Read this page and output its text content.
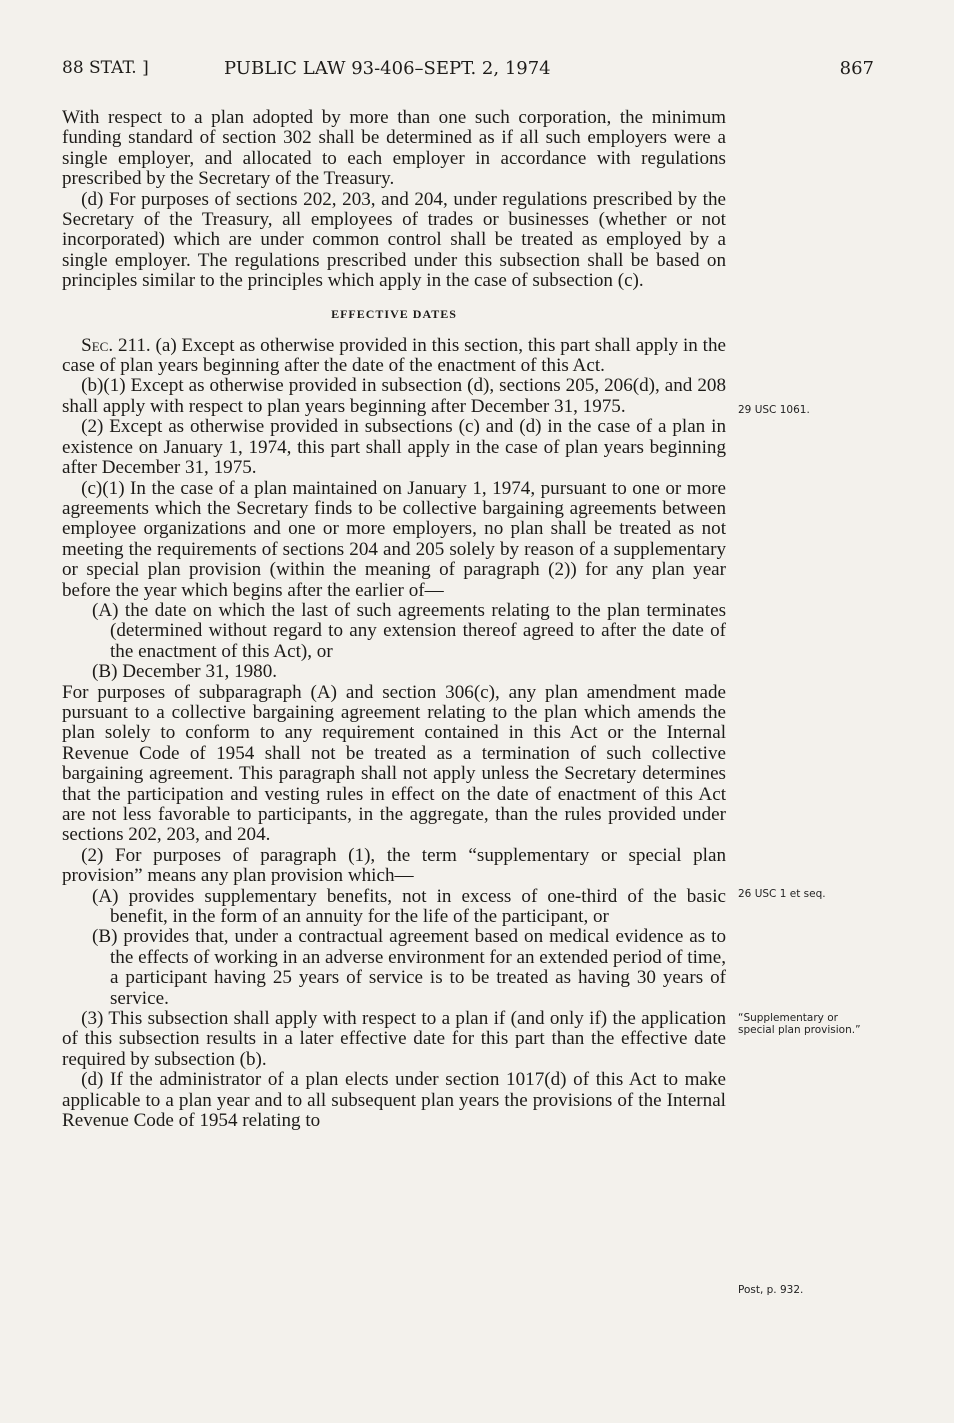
88 STAT. ]	PUBLIC LAW 93-406–SEPT. 2, 1974	867

With respect to a plan adopted by more than one such corporation, the minimum funding standard of section 302 shall be determined as if all such employers were a single employer, and allocated to each employer in accordance with regulations prescribed by the Secretary of the Treasury.

(d) For purposes of sections 202, 203, and 204, under regulations prescribed by the Secretary of the Treasury, all employees of trades or businesses (whether or not incorporated) which are under common control shall be treated as employed by a single employer. The regulations prescribed under this subsection shall be based on principles similar to the principles which apply in the case of subsection (c).

EFFECTIVE DATES

Sec. 211. (a) Except as otherwise provided in this section, this part shall apply in the case of plan years beginning after the date of the enactment of this Act.

(b)(1) Except as otherwise provided in subsection (d), sections 205, 206(d), and 208 shall apply with respect to plan years beginning after December 31, 1975.

(2) Except as otherwise provided in subsections (c) and (d) in the case of a plan in existence on January 1, 1974, this part shall apply in the case of plan years beginning after December 31, 1975.

(c)(1) In the case of a plan maintained on January 1, 1974, pursuant to one or more agreements which the Secretary finds to be collective bargaining agreements between employee organizations and one or more employers, no plan shall be treated as not meeting the requirements of sections 204 and 205 solely by reason of a supplementary or special plan provision (within the meaning of paragraph (2)) for any plan year before the year which begins after the earlier of—

(A) the date on which the last of such agreements relating to the plan terminates (determined without regard to any extension thereof agreed to after the date of the enactment of this Act), or

(B) December 31, 1980.

For purposes of subparagraph (A) and section 306(c), any plan amendment made pursuant to a collective bargaining agreement relating to the plan which amends the plan solely to conform to any requirement contained in this Act or the Internal Revenue Code of 1954 shall not be treated as a termination of such collective bargaining agreement. This paragraph shall not apply unless the Secretary determines that the participation and vesting rules in effect on the date of enactment of this Act are not less favorable to participants, in the aggregate, than the rules provided under sections 202, 203, and 204.

(2) For purposes of paragraph (1), the term “supplementary or special plan provision” means any plan provision which—

(A) provides supplementary benefits, not in excess of one-third of the basic benefit, in the form of an annuity for the life of the participant, or

(B) provides that, under a contractual agreement based on medical evidence as to the effects of working in an adverse environment for an extended period of time, a participant having 25 years of service is to be treated as having 30 years of service.

(3) This subsection shall apply with respect to a plan if (and only if) the application of this subsection results in a later effective date for this part than the effective date required by subsection (b).

(d) If the administrator of a plan elects under section 1017(d) of this Act to make applicable to a plan year and to all subsequent plan years the provisions of the Internal Revenue Code of 1954 relating to

29 USC 1061.
26 USC 1 et seq.
“Supplementary or special plan provision.”
Post, p. 932.
